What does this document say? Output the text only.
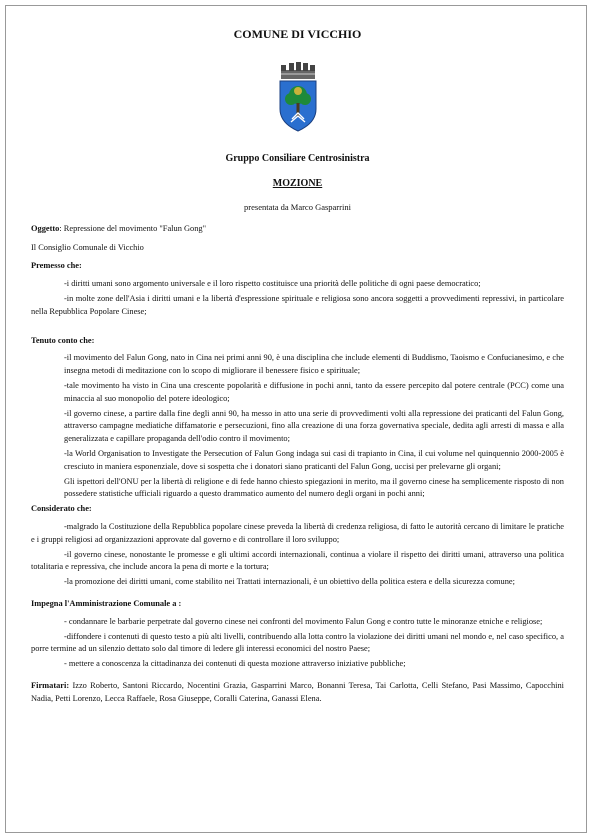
COMUNE DI VICCHIO
Gruppo Consiliare Centrosinistra
MOZIONE
presentata da Marco Gasparrini
Oggetto: Repressione del movimento "Falun Gong"
Il Consiglio Comunale di Vicchio
Premesso che:
-i diritti umani sono argomento universale e il loro rispetto costituisce una priorità delle politiche di ogni paese democratico;
-in molte zone dell'Asia i diritti umani e la libertà d'espressione spirituale e religiosa sono ancora soggetti a provvedimenti repressivi, in particolare nella Repubblica Popolare Cinese;
Tenuto conto che:
-il movimento del Falun Gong, nato in Cina nei primi anni 90, è una disciplina che include elementi di Buddismo, Taoismo e Confucianesimo, e che insegna metodi di meditazione con lo scopo di migliorare il benessere fisico e spirituale;
-tale movimento ha visto in Cina una crescente popolarità e diffusione in pochi anni, tanto da essere percepito dal potere centrale (PCC) come una minaccia al suo monopolio del potere ideologico;
-il governo cinese, a partire dalla fine degli anni 90, ha messo in atto una serie di provvedimenti volti alla repressione dei praticanti del Falun Gong, attraverso campagne mediatiche diffamatorie e persecuzioni, fino alla creazione di una forza governativa speciale, dedita agli arresti di massa e alla generalizzata e capillare propaganda dell'odio contro il movimento;
-la World Organisation to Investigate the Persecution of Falun Gong indaga sui casi di trapianto in Cina, il cui volume nel quinquennio 2000-2005 è cresciuto in maniera esponenziale, dove si sospetta che i donatori siano praticanti del Falun Gong, uccisi per prelevarne gli organi;
Gli ispettori dell'ONU per la libertà di religione e di fede hanno chiesto spiegazioni in merito, ma il governo cinese ha semplicemente risposto di non possedere statistiche ufficiali riguardo a questo drammatico aumento del numero degli organi in pochi anni;
Considerato che:
-malgrado la Costituzione della Repubblica popolare cinese preveda la libertà di credenza religiosa, di fatto le autorità cercano di limitare le pratiche e i gruppi religiosi ad organizzazioni approvate dal governo e di controllare il loro sviluppo;
-il governo cinese, nonostante le promesse e gli ultimi accordi internazionali, continua a violare il rispetto dei diritti umani, attraverso una politica totalitaria e repressiva, che include ancora la pena di morte e la tortura;
-la promozione dei diritti umani, come stabilito nei Trattati internazionali, è un obiettivo della politica estera e della sicurezza comune;
Impegna l'Amministrazione Comunale a :
- condannare le barbarie perpetrate dal governo cinese nei confronti del movimento Falun Gong e contro tutte le minoranze etniche e religiose;
-diffondere i contenuti di questo testo a più alti livelli, contribuendo alla lotta contro la violazione dei diritti umani nel mondo e, nel caso specifico, a porre termine ad un silenzio dettato solo dal timore di ledere gli interessi economici del nostro Paese;
- mettere a conoscenza la cittadinanza dei contenuti di questa mozione attraverso iniziative pubbliche;
Firmatari: Izzo Roberto, Santoni Riccardo, Nocentini Grazia, Gasparrini Marco, Bonanni Teresa, Tai Carlotta, Celli Stefano, Pasi Massimo, Capocchini Nadia, Petti Lorenzo, Lecca Raffaele, Rosa Giuseppe, Coralli Caterina, Ganassi Elena.
